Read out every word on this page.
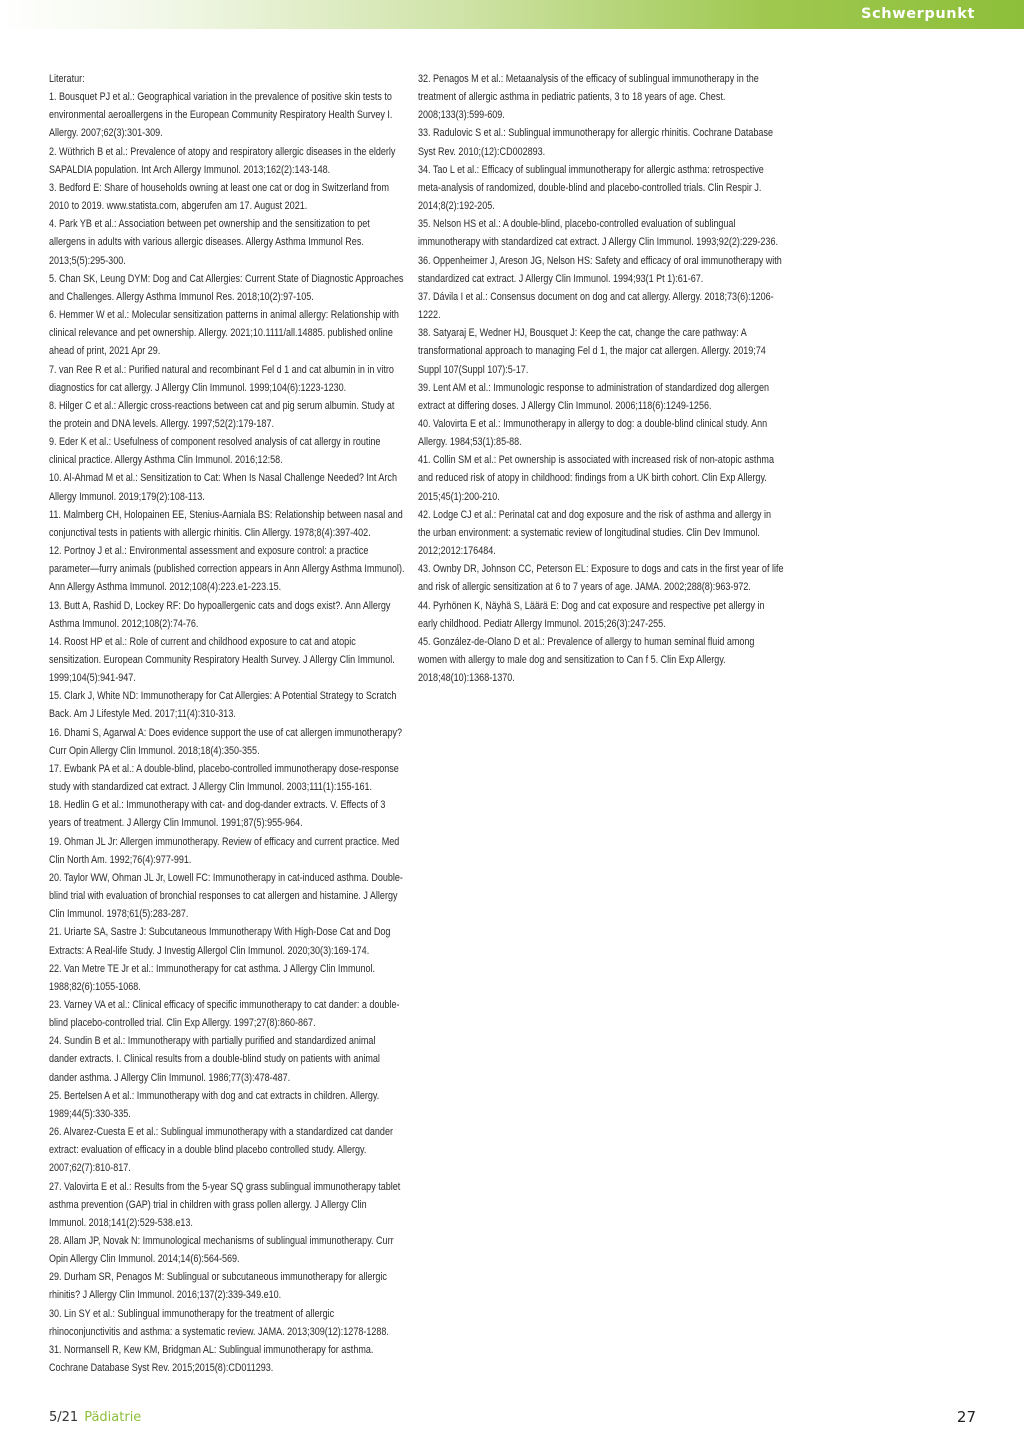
Schwerpunkt

Literatur:

1. Bousquet PJ et al.: Geographical variation in the prevalence of positive skin tests to environmental aeroallergens in the European Community Respiratory Health Survey I. Allergy. 2007;62(3):301-309.

2. Wüthrich B et al.: Prevalence of atopy and respiratory allergic diseases in the elderly SAPALDIA population. Int Arch Allergy Immunol. 2013;162(2):143-148.

3. Bedford E: Share of households owning at least one cat or dog in Switzerland from 2010 to 2019. www.statista.com, abgerufen am 17. August 2021.

4. Park YB et al.: Association between pet ownership and the sensitization to pet allergens in adults with various allergic diseases. Allergy Asthma Immunol Res. 2013;5(5):295-300.

5. Chan SK, Leung DYM: Dog and Cat Allergies: Current State of Diagnostic Approaches and Challenges. Allergy Asthma Immunol Res. 2018;10(2):97-105.

6. Hemmer W et al.: Molecular sensitization patterns in animal allergy: Relationship with clinical relevance and pet ownership. Allergy. 2021;10.1111/all.14885. published online ahead of print, 2021 Apr 29.

7. van Ree R et al.: Purified natural and recombinant Fel d 1 and cat albumin in in vitro diagnostics for cat allergy. J Allergy Clin Immunol. 1999;104(6):1223-1230.

8. Hilger C et al.: Allergic cross-reactions between cat and pig serum albumin. Study at the protein and DNA levels. Allergy. 1997;52(2):179-187.

9. Eder K et al.: Usefulness of component resolved analysis of cat allergy in routine clinical practice. Allergy Asthma Clin Immunol. 2016;12:58.

10. Al-Ahmad M et al.: Sensitization to Cat: When Is Nasal Challenge Needed? Int Arch Allergy Immunol. 2019;179(2):108-113.

11. Malmberg CH, Holopainen EE, Stenius-Aarniala BS: Relationship between nasal and conjunctival tests in patients with allergic rhinitis. Clin Allergy. 1978;8(4):397-402.

12. Portnoy J et al.: Environmental assessment and exposure control: a practice parameter—furry animals (published correction appears in Ann Allergy Asthma Immunol). Ann Allergy Asthma Immunol. 2012;108(4):223.e1-223.15.

13. Butt A, Rashid D, Lockey RF: Do hypoallergenic cats and dogs exist?. Ann Allergy Asthma Immunol. 2012;108(2):74-76.

14. Roost HP et al.: Role of current and childhood exposure to cat and atopic sensitization. European Community Respiratory Health Survey. J Allergy Clin Immunol. 1999;104(5):941-947.

15. Clark J, White ND: Immunotherapy for Cat Allergies: A Potential Strategy to Scratch Back. Am J Lifestyle Med. 2017;11(4):310-313.

16. Dhami S, Agarwal A: Does evidence support the use of cat allergen immunotherapy? Curr Opin Allergy Clin Immunol. 2018;18(4):350-355.

17. Ewbank PA et al.: A double-blind, placebo-controlled immunotherapy dose-response study with standardized cat extract. J Allergy Clin Immunol. 2003;111(1):155-161.

18. Hedlin G et al.: Immunotherapy with cat- and dog-dander extracts. V. Effects of 3 years of treatment. J Allergy Clin Immunol. 1991;87(5):955-964.

19. Ohman JL Jr: Allergen immunotherapy. Review of efficacy and current practice. Med Clin North Am. 1992;76(4):977-991.

20. Taylor WW, Ohman JL Jr, Lowell FC: Immunotherapy in cat-induced asthma. Double-blind trial with evaluation of bronchial responses to cat allergen and histamine. J Allergy Clin Immunol. 1978;61(5):283-287.

21. Uriarte SA, Sastre J: Subcutaneous Immunotherapy With High-Dose Cat and Dog Extracts: A Real-life Study. J Investig Allergol Clin Immunol. 2020;30(3):169-174.

22. Van Metre TE Jr et al.: Immunotherapy for cat asthma. J Allergy Clin Immunol. 1988;82(6):1055-1068.

23. Varney VA et al.: Clinical efficacy of specific immunotherapy to cat dander: a double-blind placebo-controlled trial. Clin Exp Allergy. 1997;27(8):860-867.

24. Sundin B et al.: Immunotherapy with partially purified and standardized animal dander extracts. I. Clinical results from a double-blind study on patients with animal dander asthma. J Allergy Clin Immunol. 1986;77(3):478-487.

25. Bertelsen A et al.: Immunotherapy with dog and cat extracts in children. Allergy. 1989;44(5):330-335.

26. Alvarez-Cuesta E et al.: Sublingual immunotherapy with a standardized cat dander extract: evaluation of efficacy in a double blind placebo controlled study. Allergy. 2007;62(7):810-817.

27. Valovirta E et al.: Results from the 5-year SQ grass sublingual immunotherapy tablet asthma prevention (GAP) trial in children with grass pollen allergy. J Allergy Clin Immunol. 2018;141(2):529-538.e13.

28. Allam JP, Novak N: Immunological mechanisms of sublingual immunotherapy. Curr Opin Allergy Clin Immunol. 2014;14(6):564-569.

29. Durham SR, Penagos M: Sublingual or subcutaneous immunotherapy for allergic rhinitis? J Allergy Clin Immunol. 2016;137(2):339-349.e10.

30. Lin SY et al.: Sublingual immunotherapy for the treatment of allergic rhinoconjunctivitis and asthma: a systematic review. JAMA. 2013;309(12):1278-1288.

31. Normansell R, Kew KM, Bridgman AL: Sublingual immunotherapy for asthma. Cochrane Database Syst Rev. 2015;2015(8):CD011293.

32. Penagos M et al.: Metaanalysis of the efficacy of sublingual immunotherapy in the treatment of allergic asthma in pediatric patients, 3 to 18 years of age. Chest. 2008;133(3):599-609.

33. Radulovic S et al.: Sublingual immunotherapy for allergic rhinitis. Cochrane Database Syst Rev. 2010;(12):CD002893.

34. Tao L et al.: Efficacy of sublingual immunotherapy for allergic asthma: retrospective meta-analysis of randomized, double-blind and placebo-controlled trials. Clin Respir J. 2014;8(2):192-205.

35. Nelson HS et al.: A double-blind, placebo-controlled evaluation of sublingual immunotherapy with standardized cat extract. J Allergy Clin Immunol. 1993;92(2):229-236.

36. Oppenheimer J, Areson JG, Nelson HS: Safety and efficacy of oral immunotherapy with standardized cat extract. J Allergy Clin Immunol. 1994;93(1 Pt 1):61-67.

37. Dávila I et al.: Consensus document on dog and cat allergy. Allergy. 2018;73(6):1206-1222.

38. Satyaraj E, Wedner HJ, Bousquet J: Keep the cat, change the care pathway: A transformational approach to managing Fel d 1, the major cat allergen. Allergy. 2019;74 Suppl 107(Suppl 107):5-17.

39. Lent AM et al.: Immunologic response to administration of standardized dog allergen extract at differing doses. J Allergy Clin Immunol. 2006;118(6):1249-1256.

40. Valovirta E et al.: Immunotherapy in allergy to dog: a double-blind clinical study. Ann Allergy. 1984;53(1):85-88.

41. Collin SM et al.: Pet ownership is associated with increased risk of non-atopic asthma and reduced risk of atopy in childhood: findings from a UK birth cohort. Clin Exp Allergy. 2015;45(1):200-210.

42. Lodge CJ et al.: Perinatal cat and dog exposure and the risk of asthma and allergy in the urban environment: a systematic review of longitudinal studies. Clin Dev Immunol. 2012;2012:176484.

43. Ownby DR, Johnson CC, Peterson EL: Exposure to dogs and cats in the first year of life and risk of allergic sensitization at 6 to 7 years of age. JAMA. 2002;288(8):963-972.

44. Pyrhönen K, Näyhä S, Läärä E: Dog and cat exposure and respective pet allergy in early childhood. Pediatr Allergy Immunol. 2015;26(3):247-255.

45. González-de-Olano D et al.: Prevalence of allergy to human seminal fluid among women with allergy to male dog and sensitization to Can f 5. Clin Exp Allergy. 2018;48(10):1368-1370.

5/21 Pädiatrie	27
